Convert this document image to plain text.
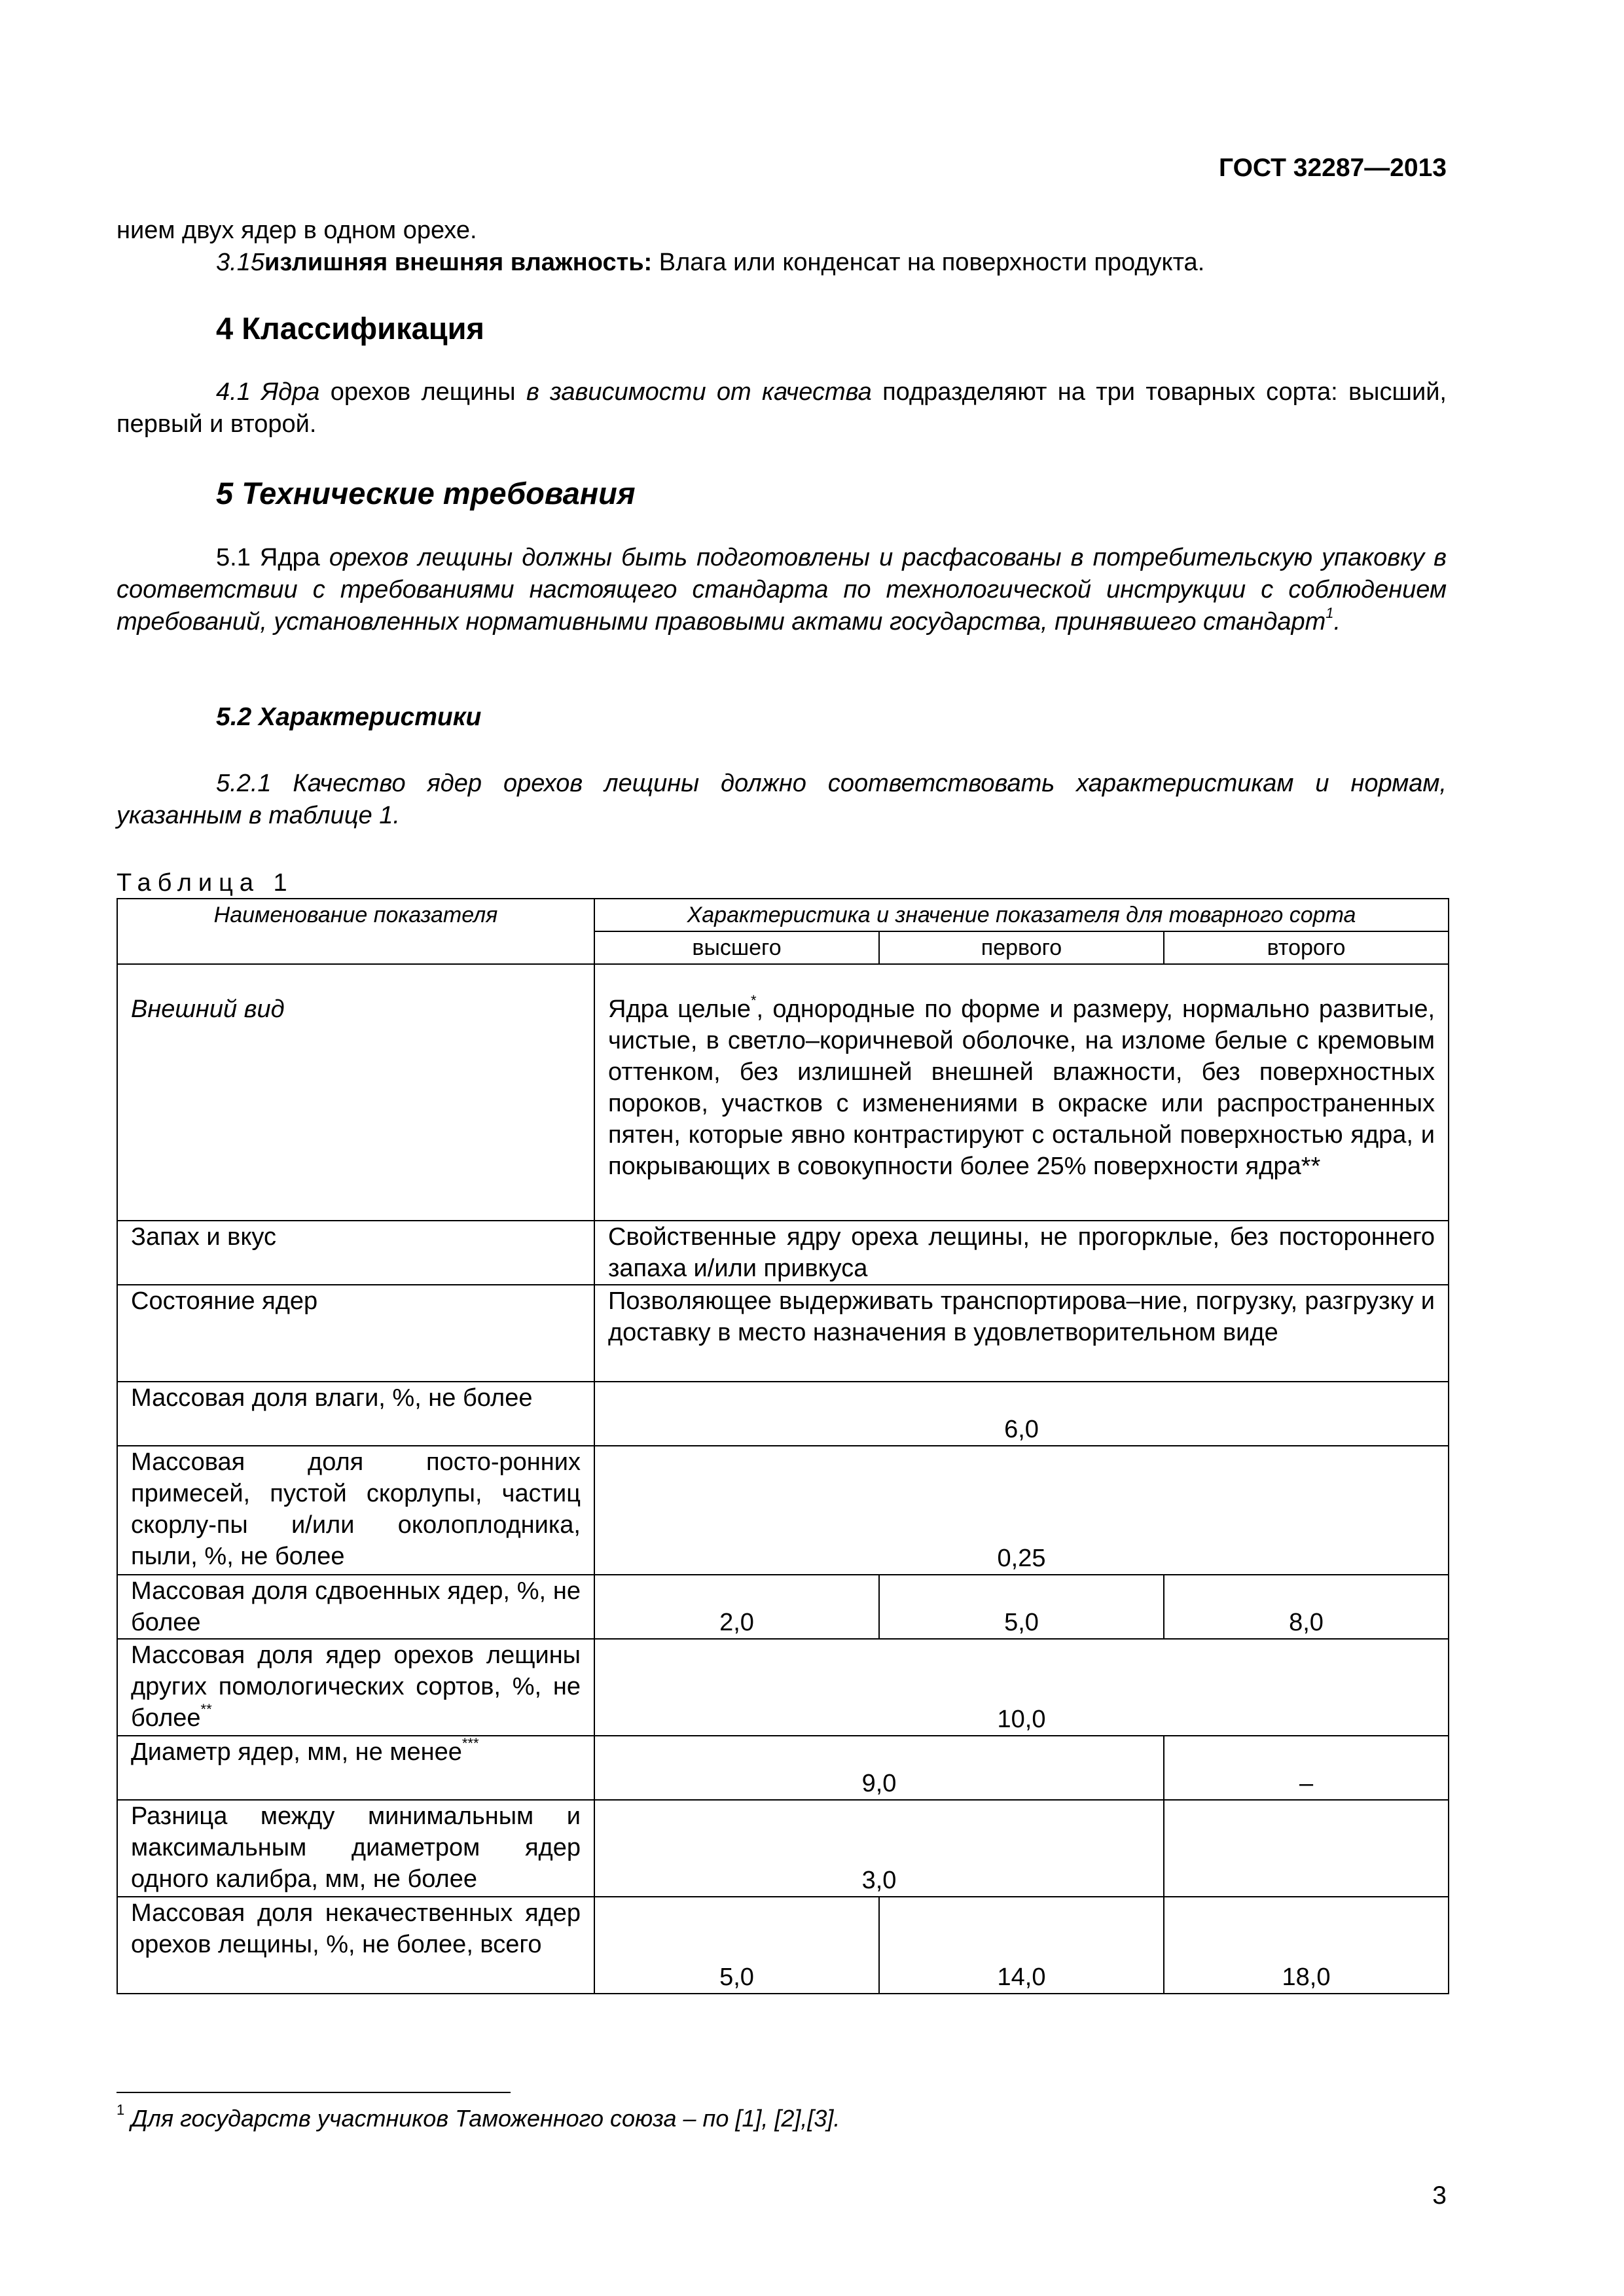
ГОСТ 32287—2013
нием двух ядер в одном орехе.
3.15излишняя внешняя влажность: Влага или конденсат на поверхности продукта.
4 Классификация
4.1 Ядра орехов лещины в зависимости от качества подразделяют на три товарных сорта: высший, первый и второй.
5 Технические требования
5.1 Ядра орехов лещины должны быть подготовлены и расфасованы в потребительскую упаковку в соответствии с требованиями настоящего стандарта по технологической инструкции с соблюдением требований, установленных нормативными правовыми актами государства, принявшего стандарт$^1$.
5.2 Характеристики
5.2.1 Качество ядер орехов лещины должно соответствовать характеристикам и нормам, указанным в таблице 1.
Таблица 1
Наименование показателя	Характеристика и значение показателя для товарного сорта		
	высшего	первого	второго
Внешний вид	Ядра целые*, однородные по форме и размеру, нормально развитые, чистые, в светло–коричневой оболочке, на изломе белые с кремовым оттенком, без излишней внешней влажности, без поверхностных пороков, участков с изменениями в окраске или распространенных пятен, которые явно контрастируют с остальной поверхностью ядра, и покрывающих в совокупности более 25% поверхности ядра**		
Запах и вкус	Свойственные ядру ореха лещины, не прогорклые, без постороннего запаха и/или привкуса		
Состояние ядер	Позволяющее выдерживать транспортирова–ние, погрузку, разгрузку и доставку в место назначения в удовлетворительном виде		
Массовая доля влаги, %, не более	6,0		
Массовая доля посто-ронних примесей, пустой скорлупы, частиц скорлу-пы и/или околоплодника, пыли, %, не более	0,25		
Массовая доля сдвоенных ядер, %, не более	2,0	5,0	8,0
Массовая доля ядер орехов лещины других помологических сортов, %, не более**	10,0		
Диаметр ядер, мм, не менее***	9,0		–
Разница между минимальным и максимальным диаметром ядер одного калибра, мм, не более	3,0		
Массовая доля некачественных ядер орехов лещины, %, не более, всего	5,0	14,0	18,0
$^1$ Для государств участников Таможенного союза – по [1], [2],[3].
3
